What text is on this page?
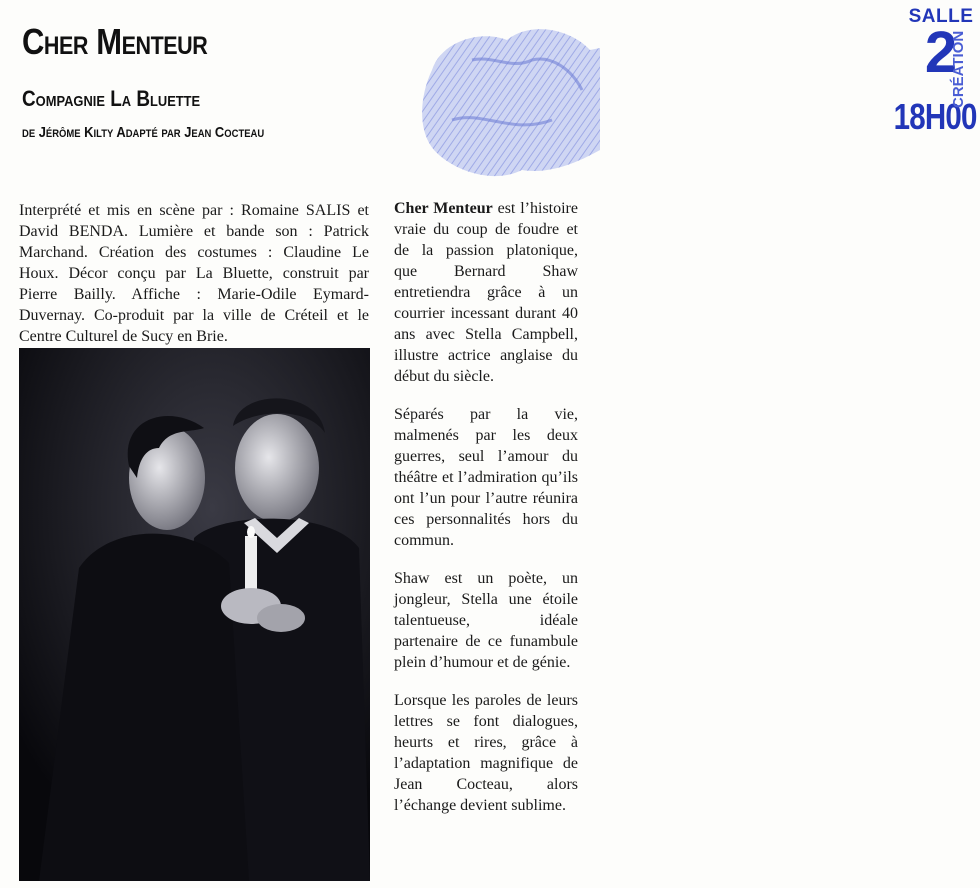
Cher Menteur
Compagnie La Bluette
de Jérôme Kilty Adapté par Jean Cocteau
SALLE
2
18H00
CRÉATION

Interprété et mis en scène par : Romaine SALIS et David BENDA. Lumière et bande son : Patrick Marchand. Création des costumes : Claudine Le Houx. Décor conçu par La Bluette, construit par Pierre Bailly. Affiche : Marie-Odile Eymard-Duvernay. Co-produit par la ville de Créteil et le Centre Culturel de Sucy en Brie.

Cher Menteur est l’histoire vraie du coup de foudre et de la passion platonique, que Bernard Shaw entretiendra grâce à un courrier incessant durant 40 ans avec Stella Campbell, illustre actrice anglaise du début du siècle.

Séparés par la vie, malmenés par les deux guerres, seul l’amour du théâtre et l’admiration qu’ils ont l’un pour l’autre réunira ces personnalités hors du commun.

Shaw est un poète, un jongleur, Stella une étoile talentueuse, idéale partenaire de ce funambule plein d’humour et de génie.

Lorsque les paroles de leurs lettres se font dialogues, heurts et rires, grâce à l’adaptation magnifique de Jean Cocteau, alors l’échange devient sublime.
